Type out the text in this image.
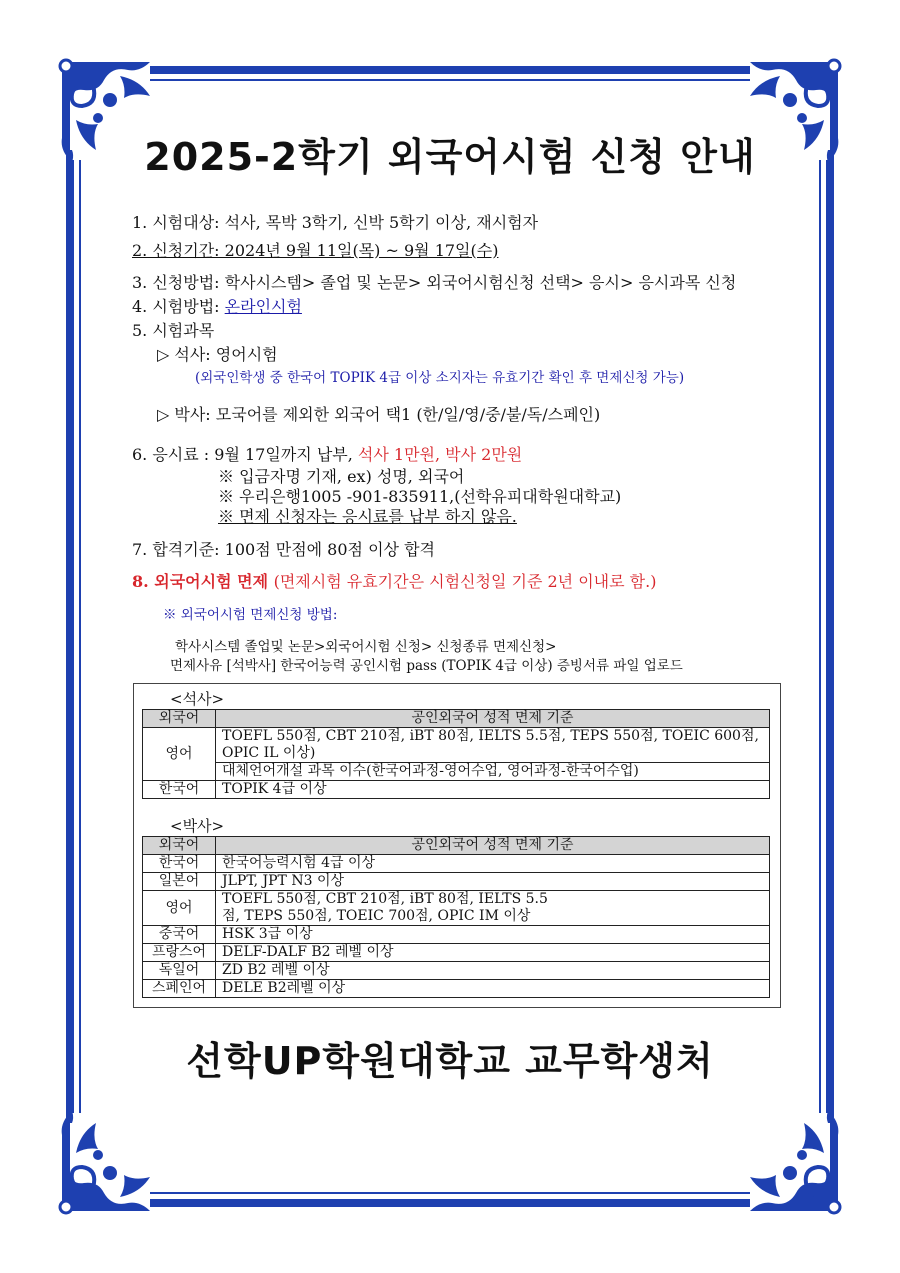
2025-2학기 외국어시험 신청 안내
1. 시험대상: 석사, 목박 3학기, 신박 5학기 이상, 재시험자
2. 신청기간: 2024년 9월 11일(목) ~ 9월 17일(수)
3. 신청방법: 학사시스템> 졸업 및 논문> 외국어시험신청 선택> 응시> 응시과목 신청
4. 시험방법: 온라인시험
5. 시험과목
▷ 석사: 영어시험
(외국인학생 중 한국어 TOPIK 4급 이상 소지자는 유효기간 확인 후 면제신청 가능)
▷ 박사: 모국어를 제외한 외국어 택1 (한/일/영/중/불/독/스페인)
6. 응시료 : 9월 17일까지 납부, 석사 1만원, 박사 2만원
※ 입금자명 기재, ex) 성명, 외국어
※ 우리은행1005 -901-835911,(선학유피대학원대학교)
※ 면제 신청자는 응시료를 납부 하지 않음.
7. 합격기준: 100점 만점에 80점 이상 합격
8. 외국어시험 면제 (면제시험 유효기간은 시험신청일 기준 2년 이내로 함.)
※ 외국어시험 면제신청 방법:
학사시스템 졸업및 논문>외국어시험 신청> 신청종류 면제신청>
면제사유 [석박사] 한국어능력 공인시험 pass (TOPIK 4급 이상) 증빙서류 파일 업로드
<석사>
외국어	공인외국어 성적 면제 기준
영어	TOEFL 550점, CBT 210점, iBT 80점, IELTS 5.5점, TEPS 550점, TOEIC 600점, OPIC IL 이상)
	대체언어개설 과목 이수(한국어과정-영어수업, 영어과정-한국어수업)
한국어	TOPIK 4급 이상
<박사>
외국어	공인외국어 성적 면제 기준
한국어	한국어능력시험 4급 이상
일본어	JLPT, JPT N3 이상
영어	TOEFL 550점, CBT 210점, iBT 80점, IELTS 5.5점, TEPS 550점, TOEIC 700점, OPIC IM 이상
중국어	HSK 3급 이상
프랑스어	DELF-DALF B2 레벨 이상
독일어	ZD B2 레벨 이상
스페인어	DELE B2레벨 이상
선학UP학원대학교 교무학생처
